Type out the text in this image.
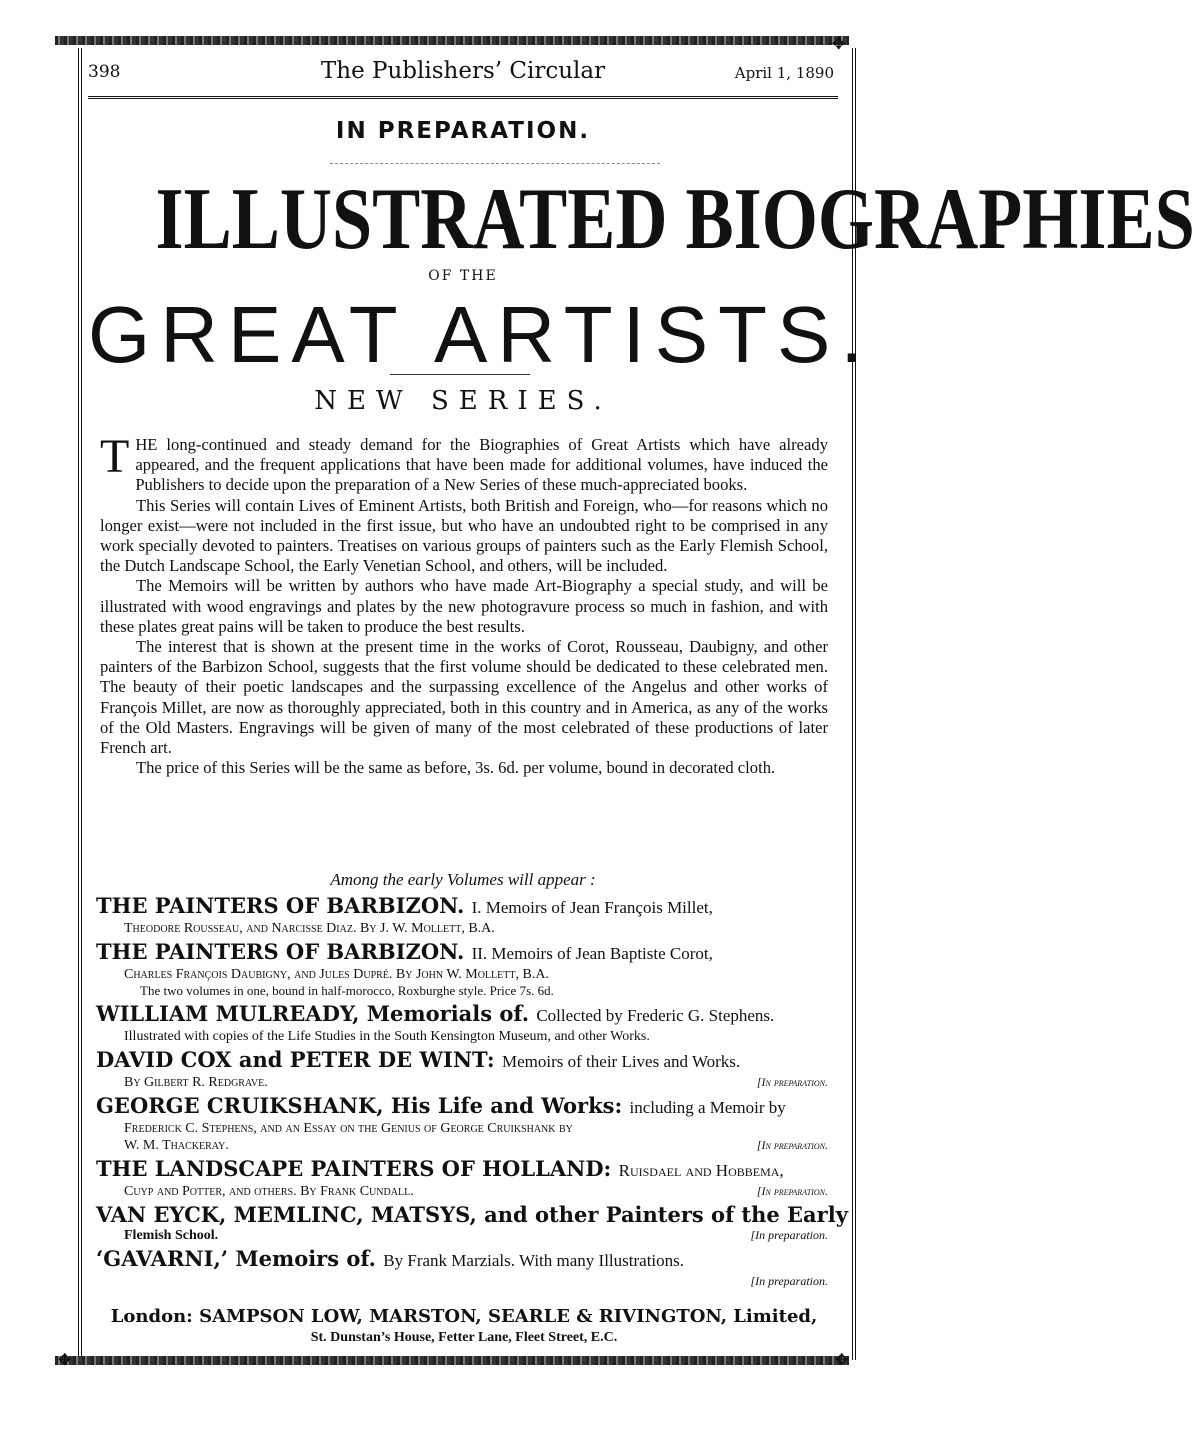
✥	✥
✥
398	The Publishers’ Circular	April 1, 1890
IN PREPARATION.
ILLUSTRATED BIOGRAPHIES
OF THE
GREAT ARTISTS.
NEW SERIES.

THE long-continued and steady demand for the Biographies of Great Artists which have already appeared, and the frequent applications that have been made for additional volumes, have induced the Publishers to decide upon the preparation of a New Series of these much-appreciated books.

This Series will contain Lives of Eminent Artists, both British and Foreign, who—for reasons which no longer exist—were not included in the first issue, but who have an undoubted right to be comprised in any work specially devoted to painters. Treatises on various groups of painters such as the Early Flemish School, the Dutch Landscape School, the Early Venetian School, and others, will be included.

The Memoirs will be written by authors who have made Art-Biography a special study, and will be illustrated with wood engravings and plates by the new photogravure process so much in fashion, and with these plates great pains will be taken to produce the best results.

The interest that is shown at the present time in the works of Corot, Rousseau, Daubigny, and other painters of the Barbizon School, suggests that the first volume should be dedicated to these celebrated men. The beauty of their poetic landscapes and the surpassing excellence of the Angelus and other works of François Millet, are now as thoroughly appreciated, both in this country and in America, as any of the works of the Old Masters. Engravings will be given of many of the most celebrated of these productions of later French art.

The price of this Series will be the same as before, 3s. 6d. per volume, bound in decorated cloth.

Among the early Volumes will appear :
THE PAINTERS OF BARBIZON. I. Memoirs of Jean François Millet,
Theodore Rousseau, and Narcisse Diaz. By J. W. Mollett, B.A.
THE PAINTERS OF BARBIZON. II. Memoirs of Jean Baptiste Corot,
Charles François Daubigny, and Jules Dupré. By John W. Mollett, B.A.
The two volumes in one, bound in half-morocco, Roxburghe style. Price 7s. 6d.
WILLIAM MULREADY, Memorials of. Collected by Frederic G. Stephens.
Illustrated with copies of the Life Studies in the South Kensington Museum, and other Works.
DAVID COX and PETER DE WINT: Memoirs of their Lives and Works.
[In preparation.
By Gilbert R. Redgrave.
GEORGE CRUIKSHANK, His Life and Works: including a Memoir by
Frederick C. Stephens, and an Essay on the Genius of George Cruikshank by
[In preparation.
W. M. Thackeray.
THE LANDSCAPE PAINTERS OF HOLLAND: Ruisdael and Hobbema,
[In preparation.
Cuyp and Potter, and others. By Frank Cundall.
VAN EYCK, MEMLINC, MATSYS, and other Painters of the Early
[In preparation.
Flemish School.
‘GAVARNI,’ Memoirs of. By Frank Marzials. With many Illustrations.
[In preparation.

London: SAMPSON LOW, MARSTON, SEARLE & RIVINGTON, Limited,
St. Dunstan’s House, Fetter Lane, Fleet Street, E.C.
